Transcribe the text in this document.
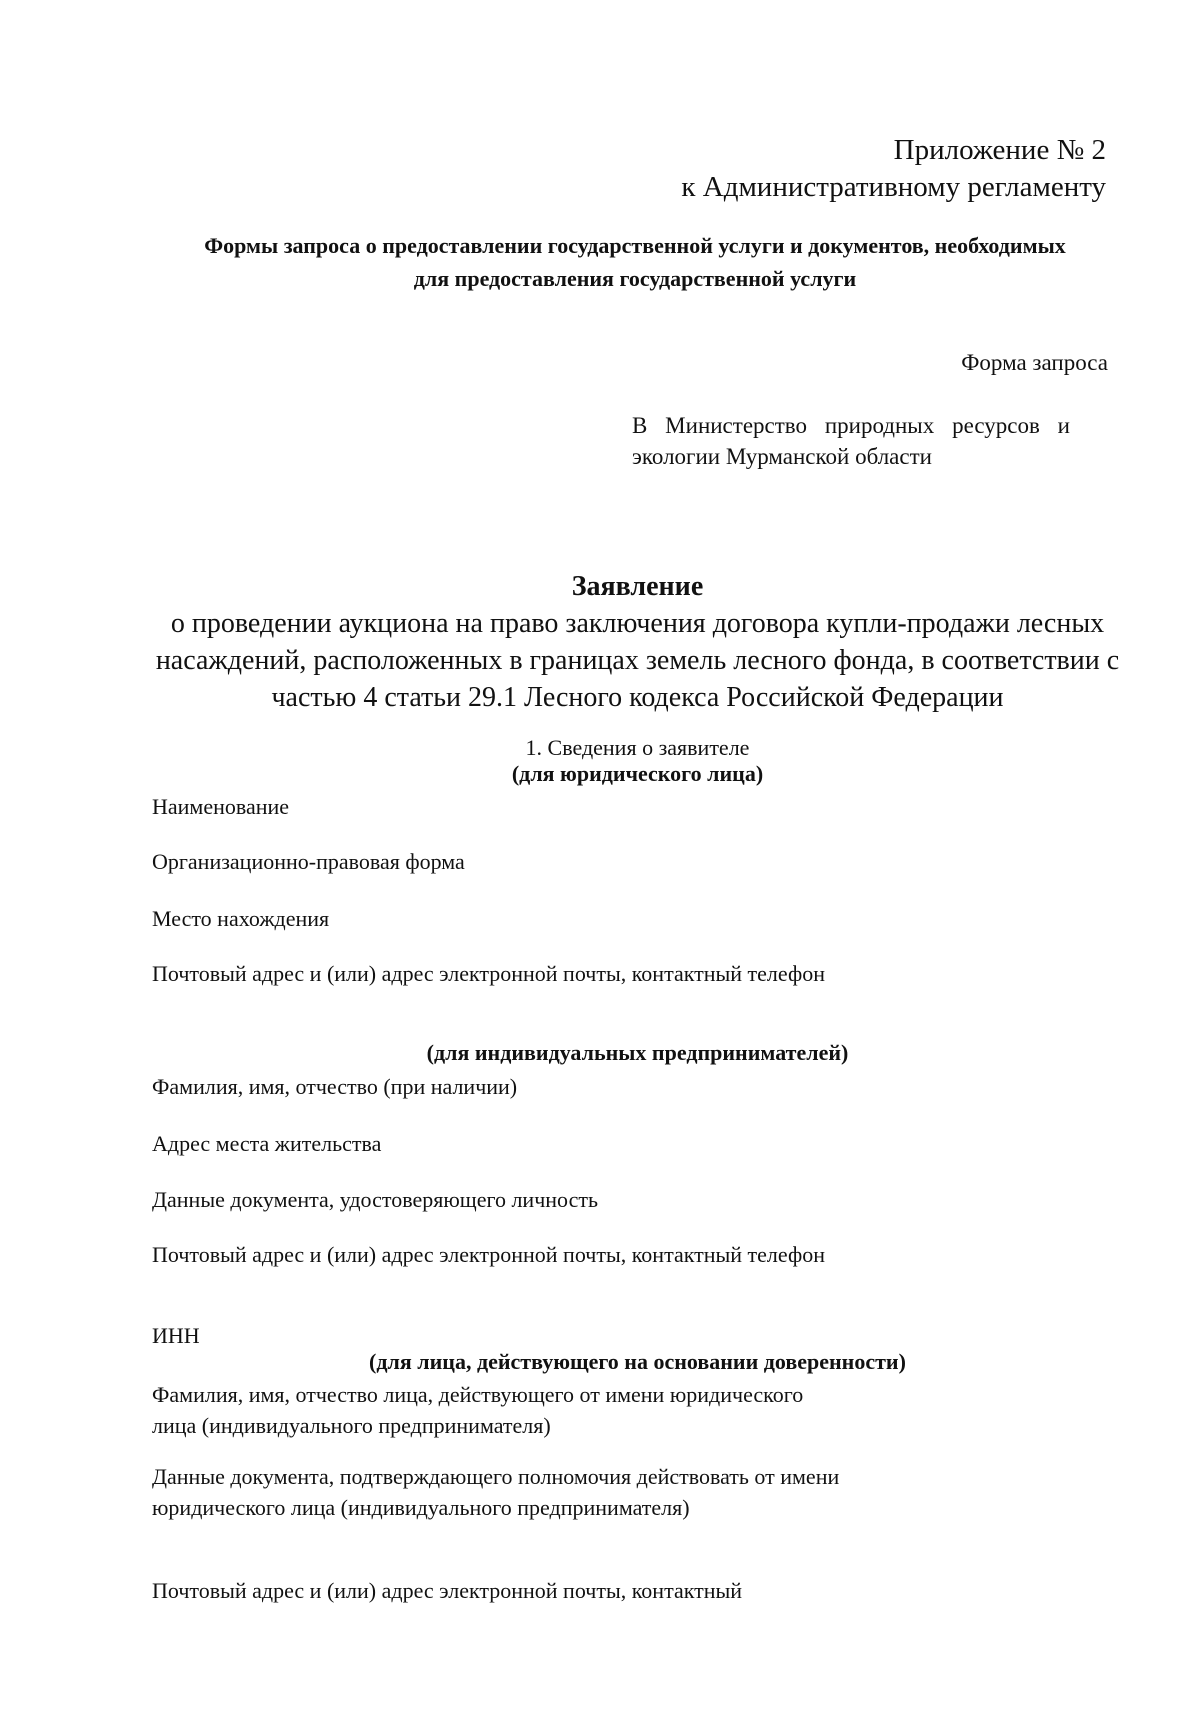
Приложение № 2
к Административному регламенту
Формы запроса о предоставлении государственной услуги и документов, необходимых для предоставления государственной услуги
Форма запроса
В Министерство природных ресурсов и экологии Мурманской области
Заявление
о проведении аукциона на право заключения договора купли-продажи лесных насаждений, расположенных в границах земель лесного фонда, в соответствии с частью 4 статьи 29.1 Лесного кодекса Российской Федерации
1. Сведения о заявителе
(для юридического лица)
Наименование
Организационно-правовая форма
Место нахождения
Почтовый адрес и (или) адрес электронной почты, контактный телефон
(для индивидуальных предпринимателей)
Фамилия, имя, отчество (при наличии)
Адрес места жительства
Данные документа, удостоверяющего личность
Почтовый адрес и (или) адрес электронной почты, контактный телефон
ИНН
(для лица, действующего на основании доверенности)
Фамилия, имя, отчество лица, действующего от имени юридического лица (индивидуального предпринимателя)
Данные документа, подтверждающего полномочия действовать от имени юридического лица (индивидуального предпринимателя)
Почтовый адрес и (или) адрес электронной почты, контактный
